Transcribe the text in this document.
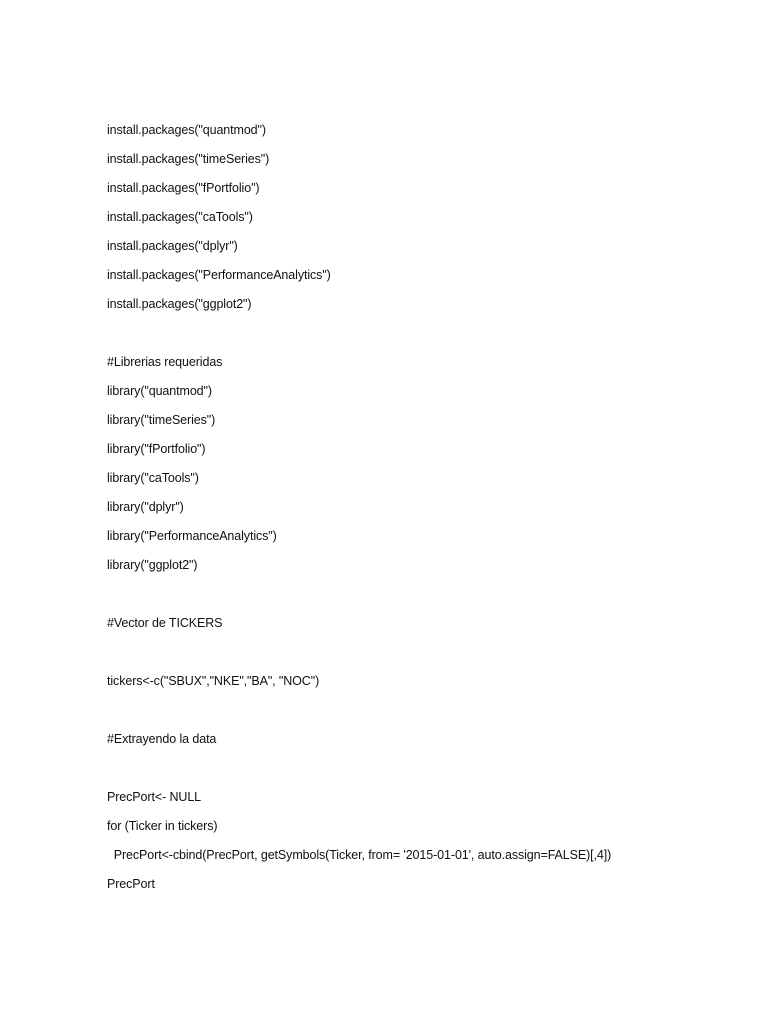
install.packages("quantmod")
install.packages("timeSeries")
install.packages("fPortfolio")
install.packages("caTools")
install.packages("dplyr")
install.packages("PerformanceAnalytics")
install.packages("ggplot2")
#Librerias requeridas
library("quantmod")
library("timeSeries")
library("fPortfolio")
library("caTools")
library("dplyr")
library("PerformanceAnalytics")
library("ggplot2")
#Vector de TICKERS
tickers<-c("SBUX","NKE","BA", "NOC")
#Extrayendo la data
PrecPort<- NULL
for (Ticker in tickers)
PrecPort<-cbind(PrecPort, getSymbols(Ticker, from= '2015-01-01', auto.assign=FALSE)[,4])
PrecPort
